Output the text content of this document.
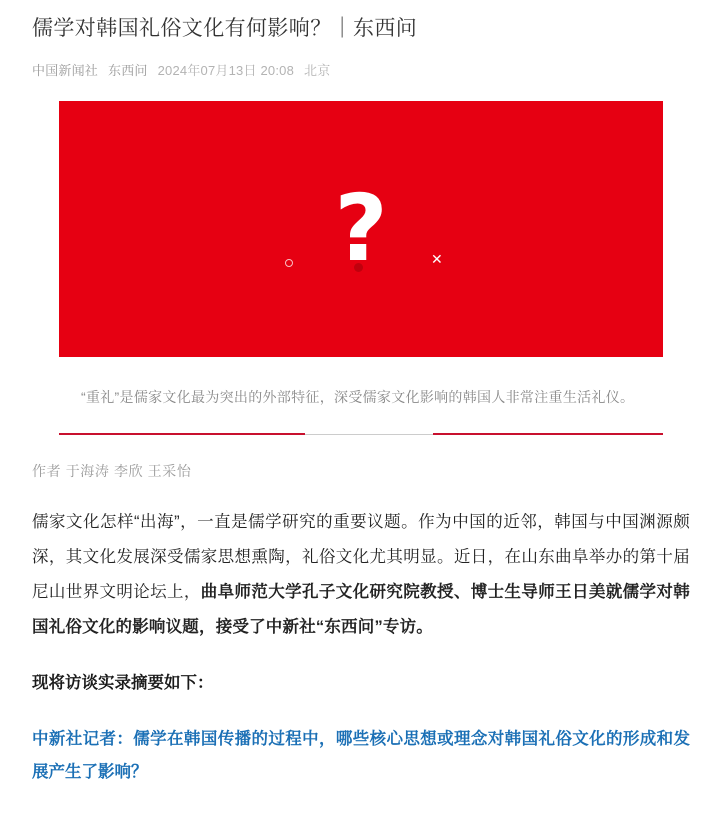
儒学对韩国礼俗文化有何影响？｜东西问
中国新闻社 东西问 2024年07月13日 20:08 北京
✕
?
“重礼”是儒家文化最为突出的外部特征，深受儒家文化影响的韩国人非常注重生活礼仪。
作者 于海涛 李欣 王采怡

儒家文化怎样“出海”，一直是儒学研究的重要议题。作为中国的近邻，韩国与中国渊源颇深，其文化发展深受儒家思想熏陶，礼俗文化尤其明显。近日，在山东曲阜举办的第十届尼山世界文明论坛上，曲阜师范大学孔子文化研究院教授、博士生导师王日美就儒学对韩国礼俗文化的影响议题，接受了中新社“东西问”专访。

现将访谈实录摘要如下：
中新社记者：儒学在韩国传播的过程中，哪些核心思想或理念对韩国礼俗文化的形成和发展产生了影响？
